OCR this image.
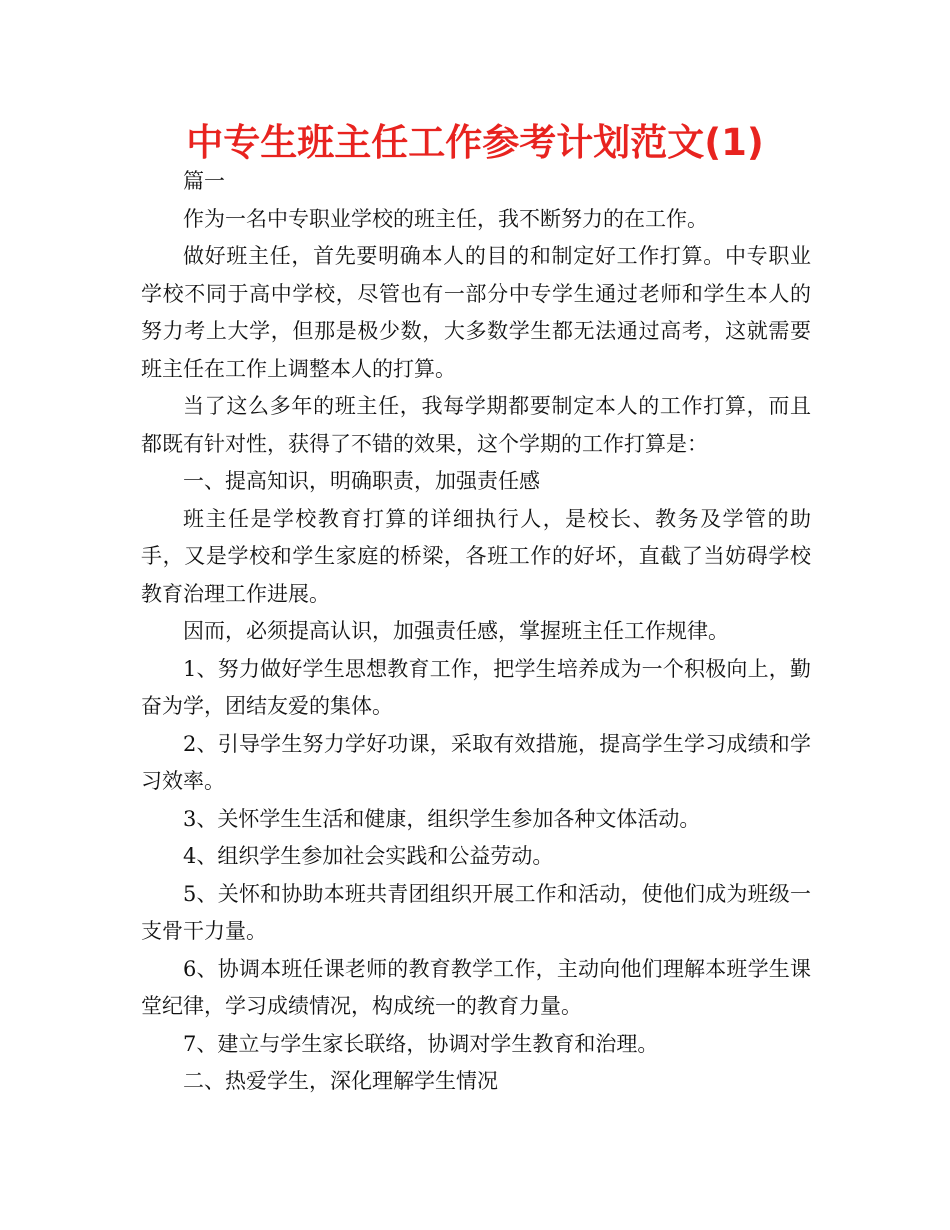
中专生班主任工作参考计划范文(1)

篇一

作为一名中专职业学校的班主任，我不断努力的在工作。

做好班主任，首先要明确本人的目的和制定好工作打算。中专职业学校不同于高中学校，尽管也有一部分中专学生通过老师和学生本人的努力考上大学，但那是极少数，大多数学生都无法通过高考，这就需要班主任在工作上调整本人的打算。

当了这么多年的班主任，我每学期都要制定本人的工作打算，而且都既有针对性，获得了不错的效果，这个学期的工作打算是：

一、提高知识，明确职责，加强责任感

班主任是学校教育打算的详细执行人，是校长、教务及学管的助手，又是学校和学生家庭的桥梁，各班工作的好坏，直截了当妨碍学校教育治理工作进展。

因而，必须提高认识，加强责任感，掌握班主任工作规律。

1、努力做好学生思想教育工作，把学生培养成为一个积极向上，勤奋为学，团结友爱的集体。

2、引导学生努力学好功课，采取有效措施，提高学生学习成绩和学习效率。

3、关怀学生生活和健康，组织学生参加各种文体活动。

4、组织学生参加社会实践和公益劳动。

5、关怀和协助本班共青团组织开展工作和活动，使他们成为班级一支骨干力量。

6、协调本班任课老师的教育教学工作，主动向他们理解本班学生课堂纪律，学习成绩情况，构成统一的教育力量。

7、建立与学生家长联络，协调对学生教育和治理。

二、热爱学生，深化理解学生情况
